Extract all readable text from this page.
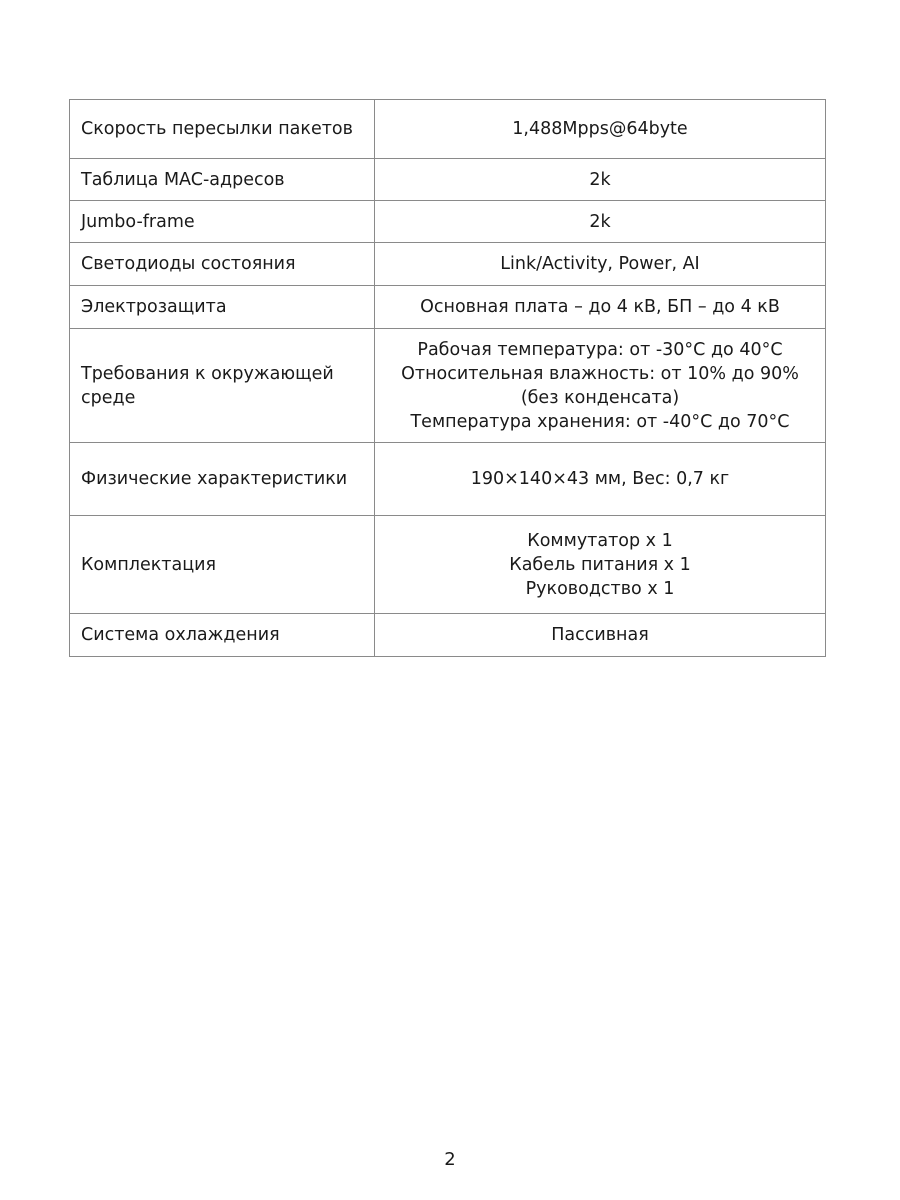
Скорость пересылки пакетов	1,488Mpps@64byte

Таблица MAC-адресов	2k

Jumbo-frame	2k

Светодиоды состояния	Link/Activity, Power, AI

Электрозащита	Основная плата – до 4 кВ, БП – до 4 кВ

Требования к окружающей среде	Рабочая температура: от -30°C до 40°C
Относительная влажность: от 10% до 90%
(без конденсата)
Температура хранения: от -40°C до 70°C

Физические характеристики	190×140×43 мм, Вес: 0,7 кг

Комплектация	Коммутатор х 1
Кабель питания х 1
Руководство х 1

Система охлаждения	Пассивная
2
